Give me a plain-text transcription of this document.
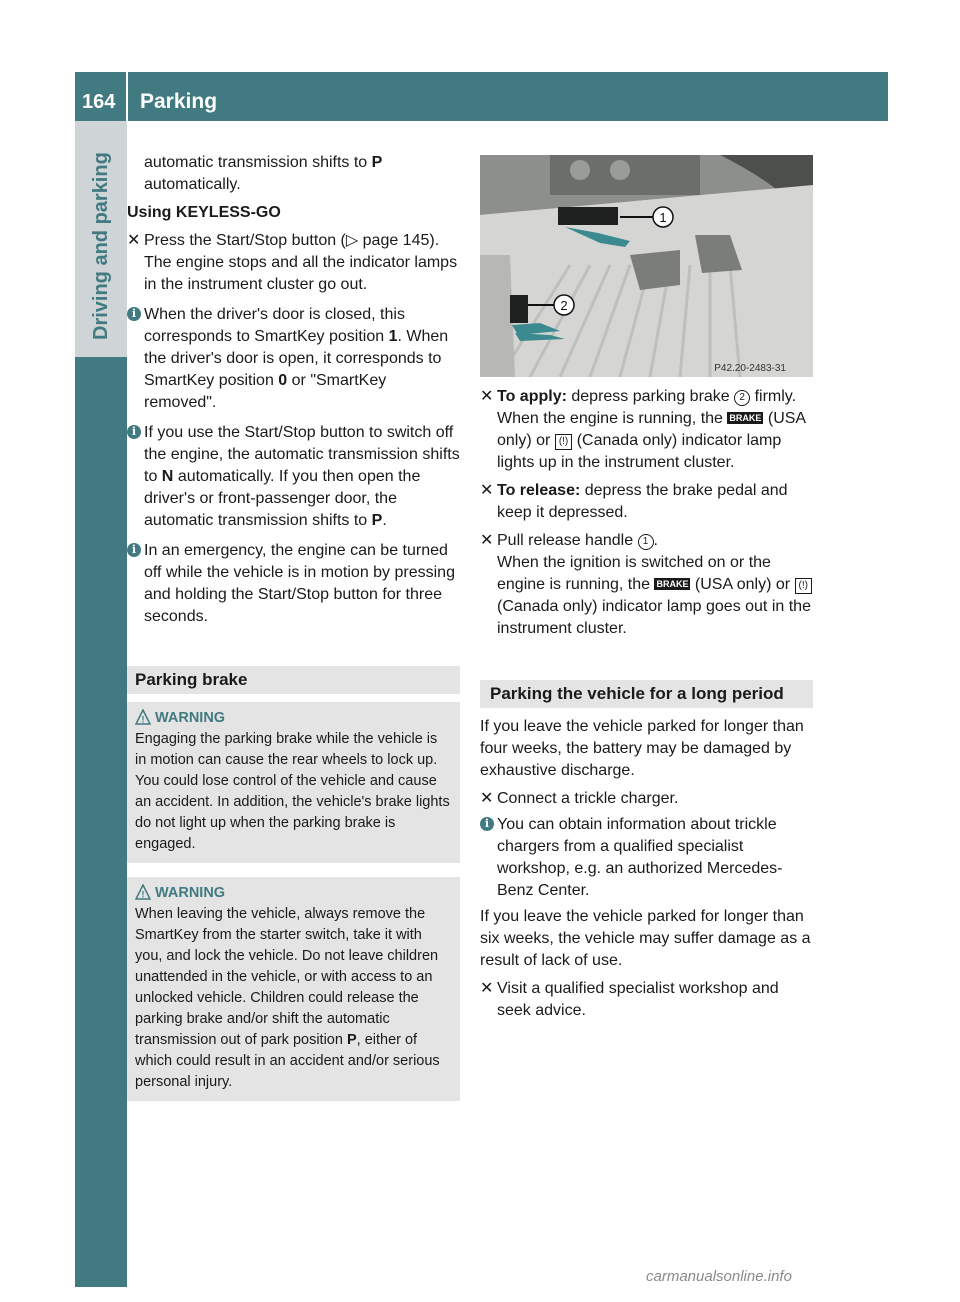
164 Parking
Driving and parking	automatic transmission shifts to P
automatically.

Using KEYLESS-GO

✕ Press the Start/Stop button (▷ page 145). The engine stops and all the indicator lamps in the instrument cluster go out.
i When the driver's door is closed, this corresponds to SmartKey position 1. When the driver's door is open, it corresponds to SmartKey position 0 or "SmartKey removed".
i If you use the Start/Stop button to switch off the engine, the automatic transmission shifts to N automatically. If you then open the driver's or front-passenger door, the automatic transmission shifts to P.
i In an emergency, the engine can be turned off while the vehicle is in motion by pressing and holding the Start/Stop button for three seconds.
Parking brake
! WARNING
Engaging the parking brake while the vehicle is in motion can cause the rear wheels to lock up. You could lose control of the vehicle and cause an accident. In addition, the vehicle's brake lights do not light up when the parking brake is engaged.
! WARNING
When leaving the vehicle, always remove the SmartKey from the starter switch, take it with you, and lock the vehicle. Do not leave children unattended in the vehicle, or with access to an unlocked vehicle. Children could release the parking brake and/or shift the automatic transmission out of park position P, either of which could result in an accident and/or serious personal injury.
1
2
P42.20-2483-31
✕ To apply: depress parking brake 2 firmly. When the engine is running, the BRAKE (USA only) or (!) (Canada only) indicator lamp lights up in the instrument cluster.
✕ To release: depress the brake pedal and keep it depressed.
✕ Pull release handle 1 .
When the ignition is switched on or the engine is running, the BRAKE (USA only) or (!) (Canada only) indicator lamp goes out in the instrument cluster.
Parking the vehicle for a long period

If you leave the vehicle parked for longer than four weeks, the battery may be damaged by exhaustive discharge.

✕ Connect a trickle charger.
i You can obtain information about trickle chargers from a qualified specialist workshop, e.g. an authorized Mercedes-Benz Center.

If you leave the vehicle parked for longer than six weeks, the vehicle may suffer damage as a result of lack of use.

✕ Visit a qualified specialist workshop and seek advice.
carmanualsonline.info
